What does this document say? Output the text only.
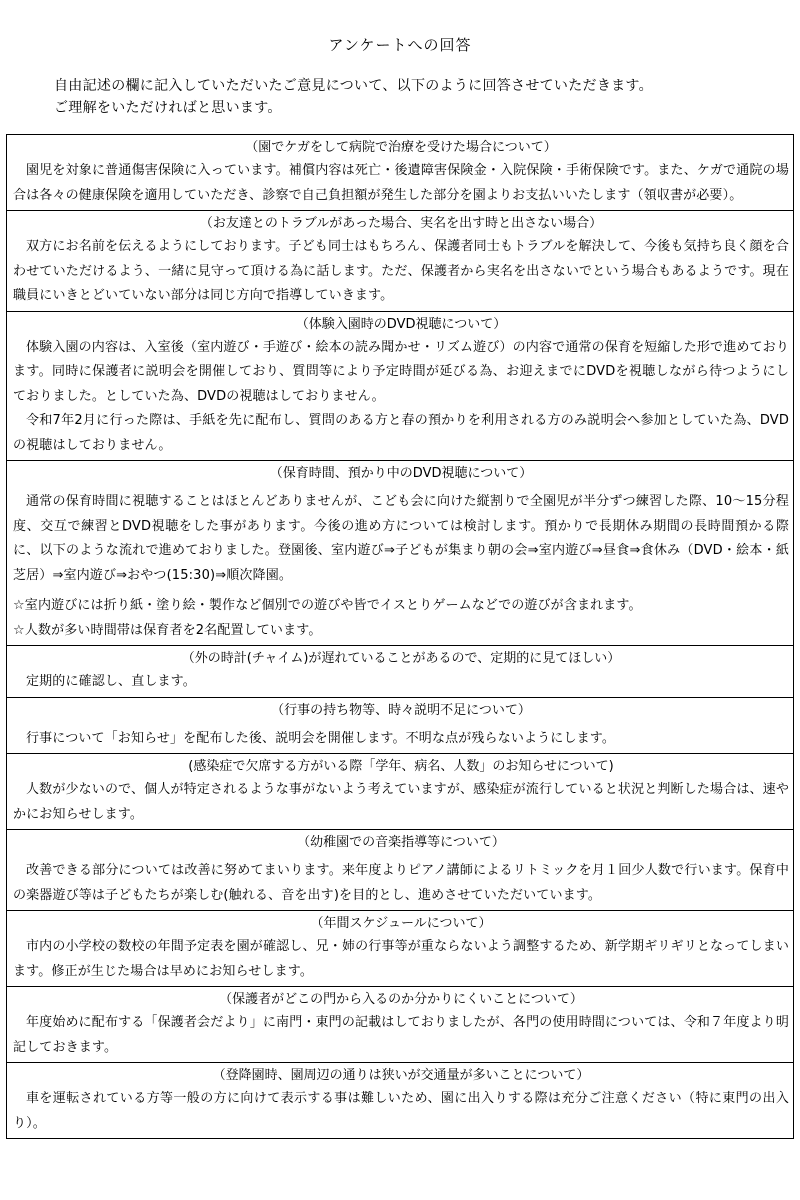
アンケートへの回答
自由記述の欄に記入していただいたご意見について、以下のように回答させていただきます。
ご理解をいただければと思います。
（園でケガをして病院で治療を受けた場合について）
園児を対象に普通傷害保険に入っています。補償内容は死亡・後遺障害保険金・入院保険・手術保険です。また、ケガで通院の場合は各々の健康保険を適用していただき、診察で自己負担額が発生した部分を園よりお支払いいたします（領収書が必要）。
（お友達とのトラブルがあった場合、実名を出す時と出さない場合）
双方にお名前を伝えるようにしております。子ども同士はもちろん、保護者同士もトラブルを解決して、今後も気持ち良く顔を合わせていただけるよう、一緒に見守って頂ける為に話します。ただ、保護者から実名を出さないでという場合もあるようです。現在職員にいきとどいていない部分は同じ方向で指導していきます。
（体験入園時のDVD視聴について）
体験入園の内容は、入室後（室内遊び・手遊び・絵本の読み聞かせ・リズム遊び）の内容で通常の保育を短縮した形で進めております。同時に保護者に説明会を開催しており、質問等により予定時間が延びる為、お迎えまでにDVDを視聴しながら待つようにしておりました。としていた為、DVDの視聴はしておりません。
令和7年2月に行った際は、手紙を先に配布し、質問のある方と春の預かりを利用される方のみ説明会へ参加としていた為、DVDの視聴はしておりません。
（保育時間、預かり中のDVD視聴について）
通常の保育時間に視聴することはほとんどありませんが、こども会に向けた縦割りで全園児が半分ずつ練習した際、10～15分程度、交互で練習とDVD視聴をした事があります。今後の進め方については検討します。預かりで長期休み期間の長時間預かる際に、以下のような流れで進めておりました。登園後、室内遊び⇒子どもが集まり朝の会⇒室内遊び⇒昼食⇒食休み（DVD・絵本・紙芝居）⇒室内遊び⇒おやつ(15:30)⇒順次降園。
☆室内遊びには折り紙・塗り絵・製作など個別での遊びや皆でイスとりゲームなどでの遊びが含まれます。
☆人数が多い時間帯は保育者を2名配置しています。
（外の時計(チャイム)が遅れていることがあるので、定期的に見てほしい）
定期的に確認し、直します。
（行事の持ち物等、時々説明不足について）
行事について「お知らせ」を配布した後、説明会を開催します。不明な点が残らないようにします。
(感染症で欠席する方がいる際「学年、病名、人数」のお知らせについて)
人数が少ないので、個人が特定されるような事がないよう考えていますが、感染症が流行していると状況と判断した場合は、速やかにお知らせします。
（幼稚園での音楽指導等について）
改善できる部分については改善に努めてまいります。来年度よりピアノ講師によるリトミックを月１回少人数で行います。保育中の楽器遊び等は子どもたちが楽しむ(触れる、音を出す)を目的とし、進めさせていただいています。
（年間スケジュールについて）
市内の小学校の数校の年間予定表を園が確認し、兄・姉の行事等が重ならないよう調整するため、新学期ギリギリとなってしまいます。修正が生じた場合は早めにお知らせします。
（保護者がどこの門から入るのか分かりにくいことについて）
年度始めに配布する「保護者会だより」に南門・東門の記載はしておりましたが、各門の使用時間については、令和７年度より明記しておきます。
（登降園時、園周辺の通りは狭いが交通量が多いことについて）
車を運転されている方等一般の方に向けて表示する事は難しいため、園に出入りする際は充分ご注意ください（特に東門の出入り）。
